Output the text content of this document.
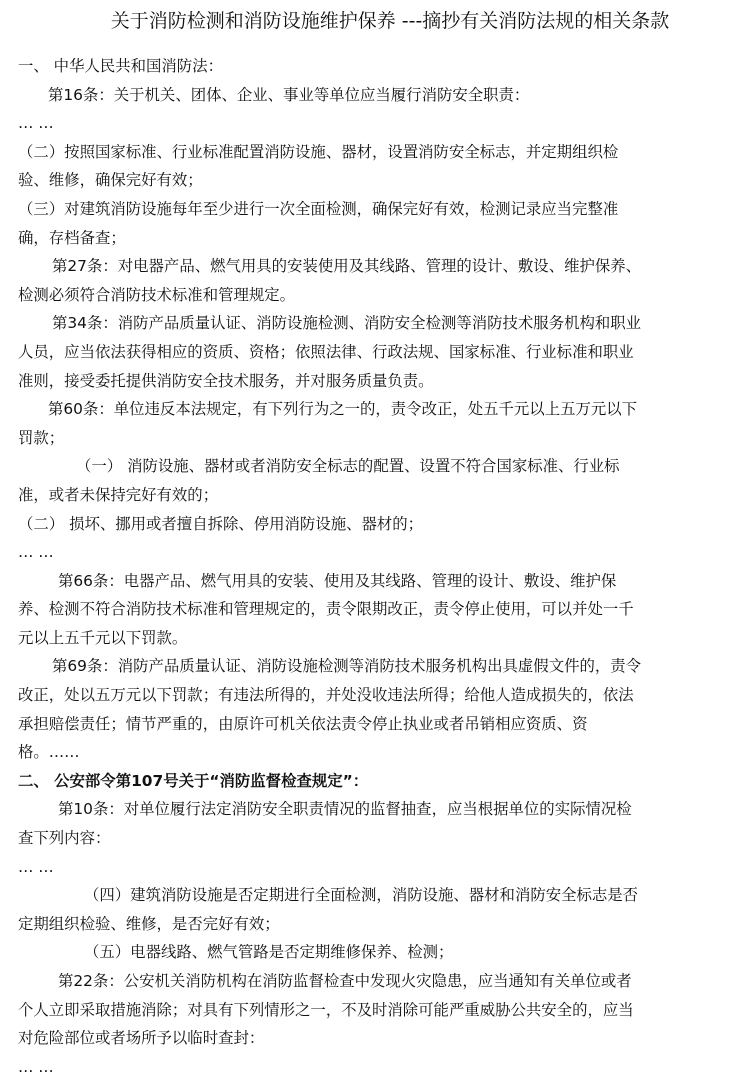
关于消防检测和消防设施维护保养 ---摘抄有关消防法规的相关条款
一、 中华人民共和国消防法：
第16条：关于机关、团体、企业、事业等单位应当履行消防安全职责：
… …
（二）按照国家标准、行业标准配置消防设施、器材，设置消防安全标志，并定期组织检
验、维修，确保完好有效；
（三）对建筑消防设施每年至少进行一次全面检测，确保完好有效，检测记录应当完整准
确，存档备查；
第27条：对电器产品、燃气用具的安装使用及其线路、管理的设计、敷设、维护保养、
检测必须符合消防技术标准和管理规定。
第34条：消防产品质量认证、消防设施检测、消防安全检测等消防技术服务机构和职业
人员，应当依法获得相应的资质、资格；依照法律、行政法规、国家标准、行业标准和职业
准则，接受委托提供消防安全技术服务，并对服务质量负责。
第60条：单位违反本法规定，有下列行为之一的，责令改正，处五千元以上五万元以下
罚款；
（一） 消防设施、器材或者消防安全标志的配置、设置不符合国家标准、行业标
准，或者未保持完好有效的；
（二） 损坏、挪用或者擅自拆除、停用消防设施、器材的；
… …
第66条：电器产品、燃气用具的安装、使用及其线路、管理的设计、敷设、维护保
养、检测不符合消防技术标准和管理规定的，责令限期改正，责令停止使用，可以并处一千
元以上五千元以下罚款。
第69条：消防产品质量认证、消防设施检测等消防技术服务机构出具虚假文件的，责令
改正，处以五万元以下罚款；有违法所得的，并处没收违法所得；给他人造成损失的，依法
承担赔偿责任；情节严重的，由原许可机关依法责令停止执业或者吊销相应资质、资
格。……
二、 公安部令第107号关于“消防监督检查规定”：
第10条：对单位履行法定消防安全职责情况的监督抽查，应当根据单位的实际情况检
查下列内容：
… …
（四）建筑消防设施是否定期进行全面检测，消防设施、器材和消防安全标志是否
定期组织检验、维修，是否完好有效；
（五）电器线路、燃气管路是否定期维修保养、检测；
第22条：公安机关消防机构在消防监督检查中发现火灾隐患，应当通知有关单位或者
个人立即采取措施消除；对具有下列情形之一，不及时消除可能严重威胁公共安全的，应当
对危险部位或者场所予以临时查封：
… …
